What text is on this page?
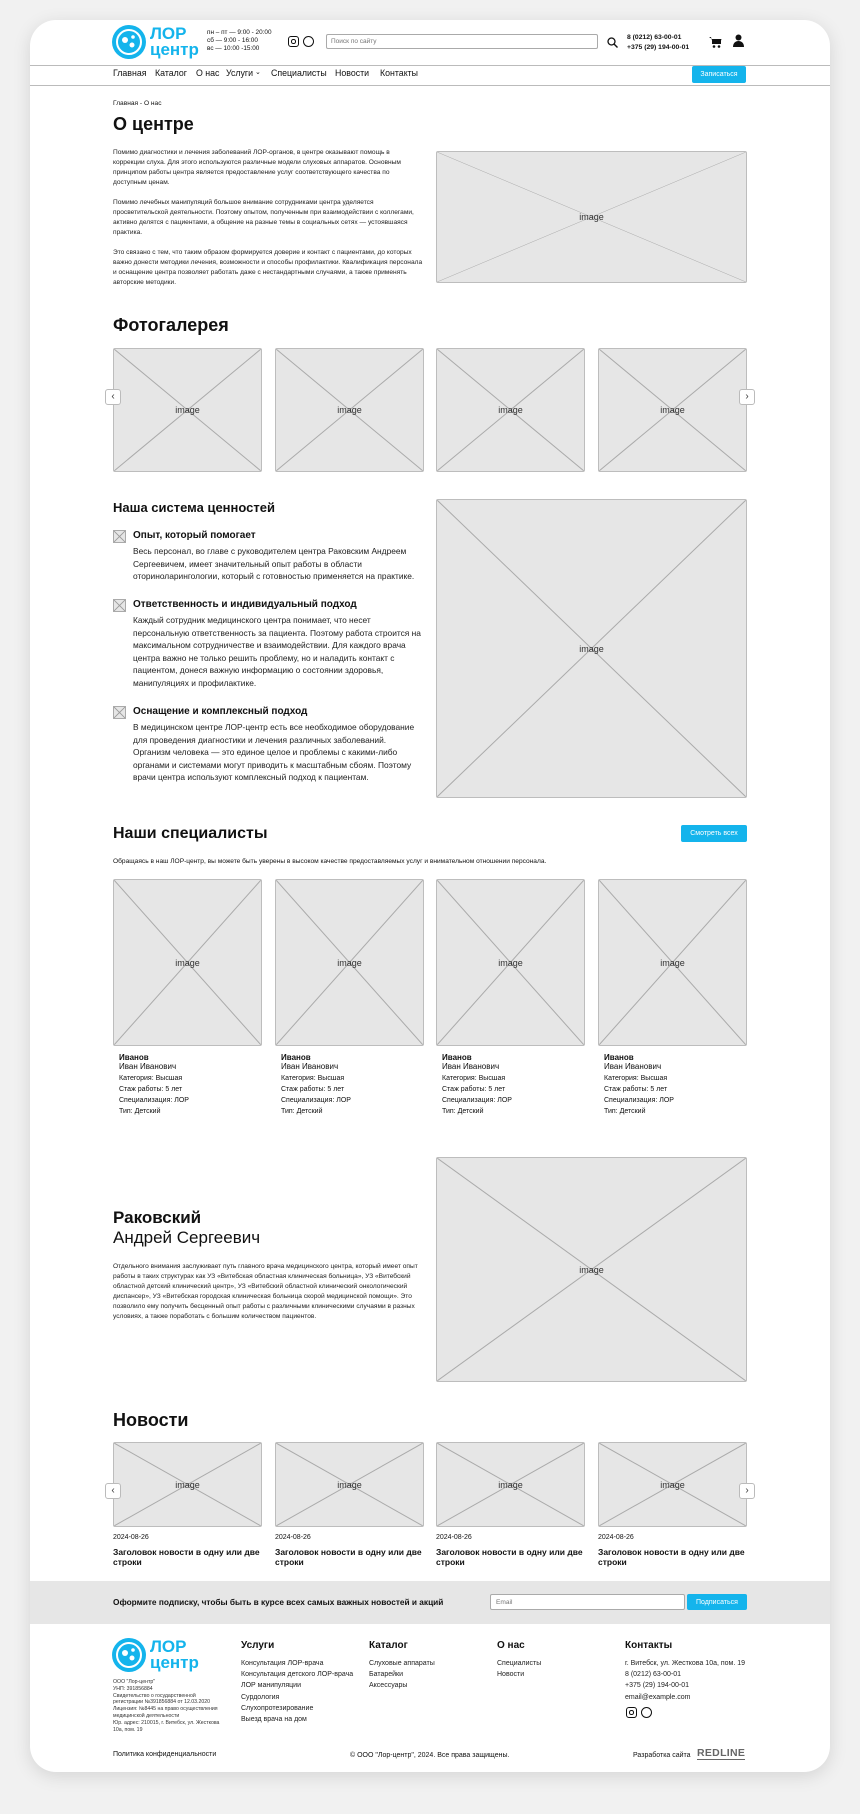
ЛОР
центр
пн – пт — 9:00 - 20:00
сб — 9:00 - 16:00
вс — 10:00 -15:00
Поиск по сайту
8 (0212) 63-00-01
+375 (29) 194-00-01
Главная Каталог О нас Услуги ⌄ Специалисты Новости Контакты	Записаться
Главная - О нас
О центре

Помимо диагностики и лечения заболеваний ЛОР-органов, в центре оказывают помощь в коррекции слуха. Для этого используются различные модели слуховых аппаратов. Основным принципом работы центра является предоставление услуг соответствующего качества по доступным ценам.

Помимо лечебных манипуляций большое внимание сотрудниками центра уделяется просветительской деятельности. Поэтому опытом, полученным при взаимодействии с коллегами, активно делятся с пациентами, а общение на разные темы в социальных сетях — устоявшаяся практика.

Это связано с тем, что таким образом формируется доверие и контакт с пациентами, до которых важно донести методики лечения, возможности и способы профилактики. Квалификация персонала и оснащение центра позволяет работать даже с нестандартными случаями, а также применять авторские методики.

image
Фотогалерея
image	image	image	image
‹	›
Наша система ценностей
Опыт, который помогает
Весь персонал, во главе с руководителем центра Раковским Андреем Сергеевичем, имеет значительный опыт работы в области оториноларингологии, который с готовностью применяется на практике.
Ответственность и индивидуальный подход
Каждый сотрудник медицинского центра понимает, что несет персональную ответственность за пациента. Поэтому работа строится на максимальном сотрудничестве и взаимодействии. Для каждого врача центра важно не только решить проблему, но и наладить контакт с пациентом, донеся важную информацию о состоянии здоровья, манипуляциях и профилактике.
Оснащение и комплексный подход
В медицинском центре ЛОР-центр есть все необходимое оборудование для проведения диагностики и лечения различных заболеваний. Организм человека — это единое целое и проблемы с какими-либо органами и системами могут приводить к масштабным сбоям. Поэтому врачи центра используют комплексный подход к пациентам.
image
Наши специалисты	Смотреть всех
Обращаясь в наш ЛОР-центр, вы можете быть уверены в высоком качестве предоставляемых услуг и внимательном отношении персонала.
image
Иванов
Иван Иванович
Категория: Высшая
Стаж работы: 5 лет
Специализация: ЛОР
Тип: Детский
image
Иванов
Иван Иванович
Категория: Высшая
Стаж работы: 5 лет
Специализация: ЛОР
Тип: Детский
image
Иванов
Иван Иванович
Категория: Высшая
Стаж работы: 5 лет
Специализация: ЛОР
Тип: Детский
image
Иванов
Иван Иванович
Категория: Высшая
Стаж работы: 5 лет
Специализация: ЛОР
Тип: Детский
Раковский
Андрей Сергеевич
Отдельного внимания заслуживает путь главного врача медицинского центра, который имеет опыт работы в таких структурах как УЗ «Витебская областная клиническая больница», УЗ «Витебский областной детский клинический центр», УЗ «Витебский областной клинический онкологический диспансер», УЗ «Витебская городская клиническая больница скорой медицинской помощи». Это позволило ему получить бесценный опыт работы с различными клиническими случаями в разных условиях, а также поработать с большим количеством пациентов.
image
Новости
image
2024-08-26
Заголовок новости в одну или две строки
image
2024-08-26
Заголовок новости в одну или две строки
image
2024-08-26
Заголовок новости в одну или две строки
image
2024-08-26
Заголовок новости в одну или две строки
‹	›
Оформите подписку, чтобы быть в курсе всех самых важных новостей и акций
Email	Подписаться
ЛОР
центр
ООО "Лор-центр"
УНП: 391856884
Свидетельство о государственной
регистрации №391856884 от 12.03.2020
Лицензия: №8445 на право осуществления
медицинской деятельности
Юр. адрес: 210015, г. Витебск, ул. Жесткова
10а, пом. 19
Услуги
Консультация ЛОР-врача
Консультация детского ЛОР-врача
ЛОР манипуляции
Сурдология
Слухопротезирование
Выезд врача на дом
Каталог
Слуховые аппараты
Батарейки
Аксессуары
О нас
Специалисты
Новости
Контакты
г. Витебск, ул. Жесткова 10а, пом. 19
8 (0212) 63-00-01
+375 (29) 194-00-01
email@example.com
Политика конфиденциальности	© ООО "Лор-центр", 2024. Все права защищены.	Разработка сайта REDLINE
